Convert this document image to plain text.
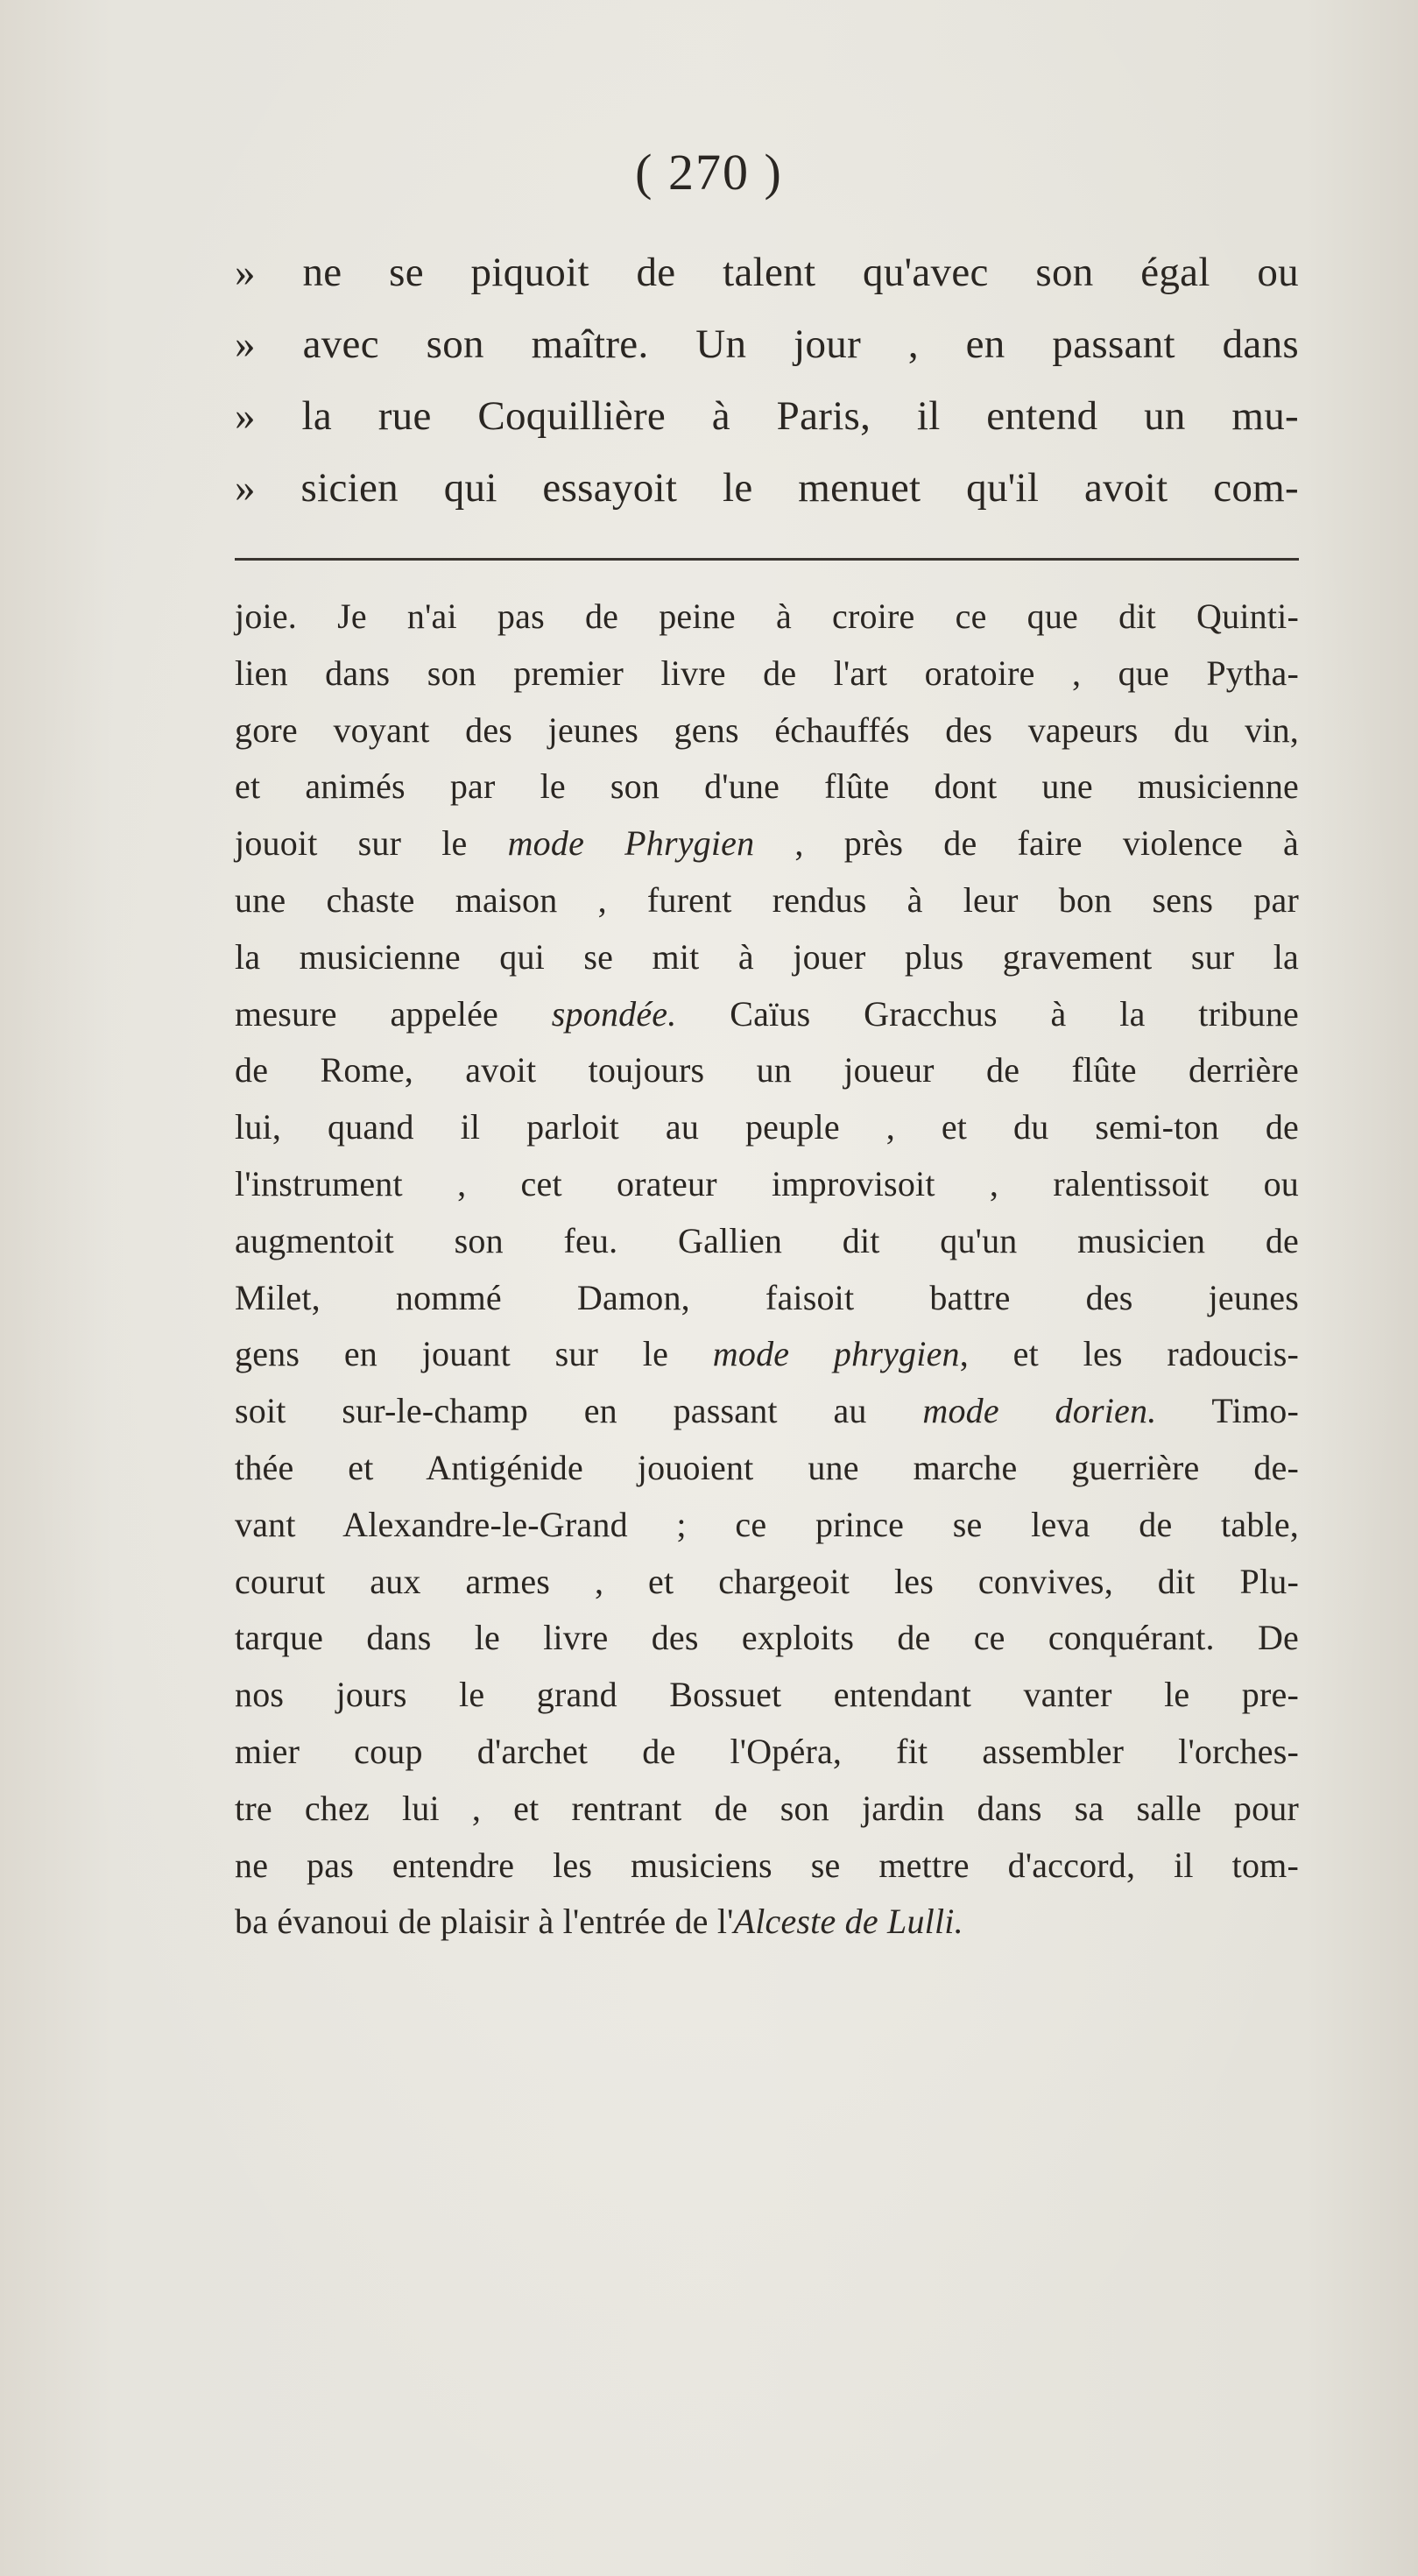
( 270 )
» ne se piquoit de talent qu'avec son égal ou
» avec son maître. Un jour , en passant dans
» la rue Coquillière à Paris, il entend un mu-
» sicien qui essayoit le menuet qu'il avoit com-
joie. Je n'ai pas de peine à croire ce que dit Quinti-
lien dans son premier livre de l'art oratoire , que Pytha-
gore voyant des jeunes gens échauffés des vapeurs du vin,
et animés par le son d'une flûte dont une musicienne
jouoit sur le mode Phrygien , près de faire violence à
une chaste maison , furent rendus à leur bon sens par
la musicienne qui se mit à jouer plus gravement sur la
mesure appelée spondée. Caïus Gracchus à la tribune
de Rome, avoit toujours un joueur de flûte derrière
lui, quand il parloit au peuple , et du semi-ton de
l'instrument , cet orateur improvisoit , ralentissoit ou
augmentoit son feu. Gallien dit qu'un musicien de
Milet, nommé Damon, faisoit battre des jeunes
gens en jouant sur le mode phrygien, et les radoucis-
soit sur-le-champ en passant au mode dorien. Timo-
thée et Antigénide jouoient une marche guerrière de-
vant Alexandre-le-Grand ; ce prince se leva de table,
courut aux armes , et chargeoit les convives, dit Plu-
tarque dans le livre des exploits de ce conquérant. De
nos jours le grand Bossuet entendant vanter le pre-
mier coup d'archet de l'Opéra, fit assembler l'orches-
tre chez lui , et rentrant de son jardin dans sa salle pour
ne pas entendre les musiciens se mettre d'accord, il tom-
ba évanoui de plaisir à l'entrée de l'Alceste de Lulli.
